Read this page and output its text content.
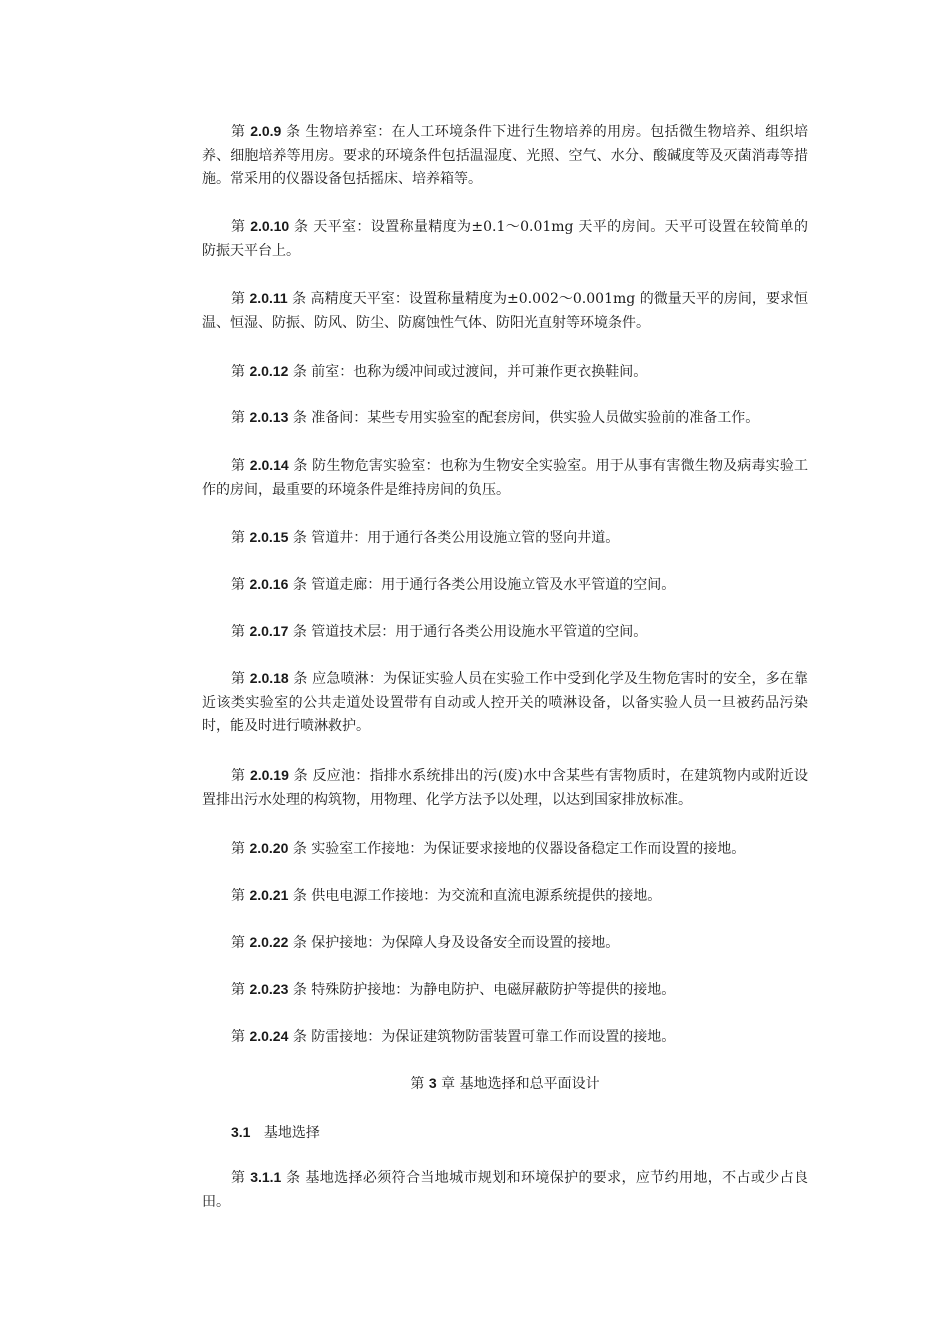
第 2.0.9 条 生物培养室：在人工环境条件下进行生物培养的用房。包括微生物培养、组织培养、细胞培养等用房。要求的环境条件包括温湿度、光照、空气、水分、酸碱度等及灭菌消毒等措施。常采用的仪器设备包括摇床、培养箱等。

第 2.0.10 条 天平室：设置称量精度为±0.1～0.01mg 天平的房间。天平可设置在较简单的防振天平台上。

第 2.0.11 条 高精度天平室：设置称量精度为±0.002～0.001mg 的微量天平的房间，要求恒温、恒湿、防振、防风、防尘、防腐蚀性气体、防阳光直射等环境条件。

第 2.0.12 条 前室：也称为缓冲间或过渡间，并可兼作更衣换鞋间。

第 2.0.13 条 准备间：某些专用实验室的配套房间，供实验人员做实验前的准备工作。

第 2.0.14 条 防生物危害实验室：也称为生物安全实验室。用于从事有害微生物及病毒实验工作的房间，最重要的环境条件是维持房间的负压。

第 2.0.15 条 管道井：用于通行各类公用设施立管的竖向井道。

第 2.0.16 条 管道走廊：用于通行各类公用设施立管及水平管道的空间。

第 2.0.17 条 管道技术层：用于通行各类公用设施水平管道的空间。

第 2.0.18 条 应急喷淋：为保证实验人员在实验工作中受到化学及生物危害时的安全，多在靠近该类实验室的公共走道处设置带有自动或人控开关的喷淋设备，以备实验人员一旦被药品污染时，能及时进行喷淋救护。

第 2.0.19 条 反应池：指排水系统排出的污(废)水中含某些有害物质时，在建筑物内或附近设置排出污水处理的构筑物，用物理、化学方法予以处理，以达到国家排放标准。

第 2.0.20 条 实验室工作接地：为保证要求接地的仪器设备稳定工作而设置的接地。

第 2.0.21 条 供电电源工作接地：为交流和直流电源系统提供的接地。

第 2.0.22 条 保护接地：为保障人身及设备安全而设置的接地。

第 2.0.23 条 特殊防护接地：为静电防护、电磁屏蔽防护等提供的接地。

第 2.0.24 条 防雷接地：为保证建筑物防雷装置可靠工作而设置的接地。

第 3 章 基地选择和总平面设计

3.1 基地选择

第 3.1.1 条 基地选择必须符合当地城市规划和环境保护的要求，应节约用地，不占或少占良田。
